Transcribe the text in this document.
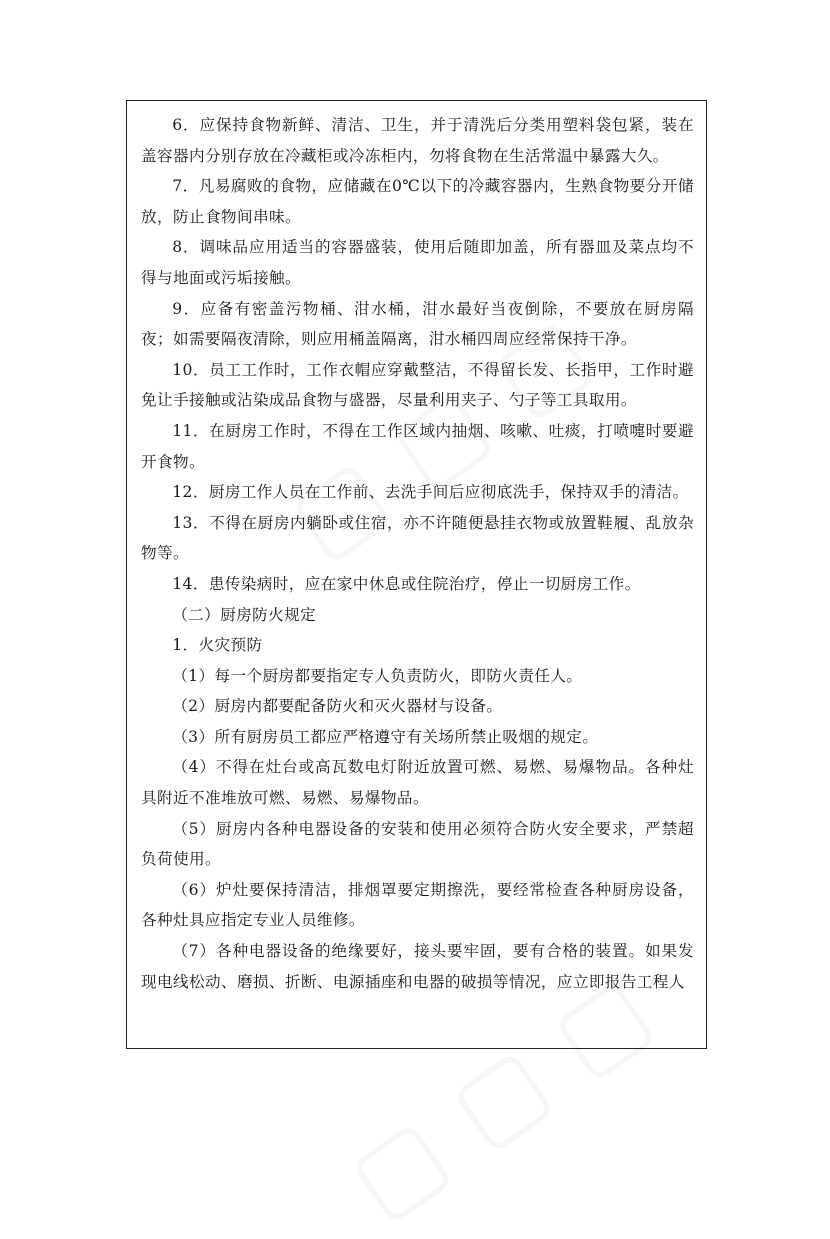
6．应保持食物新鲜、清洁、卫生，并于清洗后分类用塑料袋包紧，装在盖容器内分别存放在冷藏柜或冷冻柜内，勿将食物在生活常温中暴露大久。

7．凡易腐败的食物，应储藏在0℃以下的冷藏容器内，生熟食物要分开储放，防止食物间串味。

8．调味品应用适当的容器盛装，使用后随即加盖，所有器皿及菜点均不得与地面或污垢接触。

9．应备有密盖污物桶、泔水桶，泔水最好当夜倒除，不要放在厨房隔夜；如需要隔夜清除，则应用桶盖隔离，泔水桶四周应经常保持干净。

10．员工工作时，工作衣帽应穿戴整洁，不得留长发、长指甲，工作时避免让手接触或沾染成品食物与盛器，尽量利用夹子、勺子等工具取用。

11．在厨房工作时，不得在工作区域内抽烟、咳嗽、吐痰，打喷嚏时要避开食物。

12．厨房工作人员在工作前、去洗手间后应彻底洗手，保持双手的清洁。

13．不得在厨房内躺卧或住宿，亦不许随便悬挂衣物或放置鞋履、乱放杂物等。

14．患传染病时，应在家中休息或住院治疗，停止一切厨房工作。

（二）厨房防火规定

1．火灾预防

（1）每一个厨房都要指定专人负责防火，即防火责任人。

（2）厨房内都要配备防火和灭火器材与设备。

（3）所有厨房员工都应严格遵守有关场所禁止吸烟的规定。

（4）不得在灶台或高瓦数电灯附近放置可燃、易燃、易爆物品。各种灶具附近不准堆放可燃、易燃、易爆物品。

（5）厨房内各种电器设备的安装和使用必须符合防火安全要求，严禁超负荷使用。

（6）炉灶要保持清洁，排烟罩要定期擦洗，要经常检查各种厨房设备，各种灶具应指定专业人员维修。

（7）各种电器设备的绝缘要好，接头要牢固，要有合格的装置。如果发现电线松动、磨损、折断、电源插座和电器的破损等情况，应立即报告工程人
